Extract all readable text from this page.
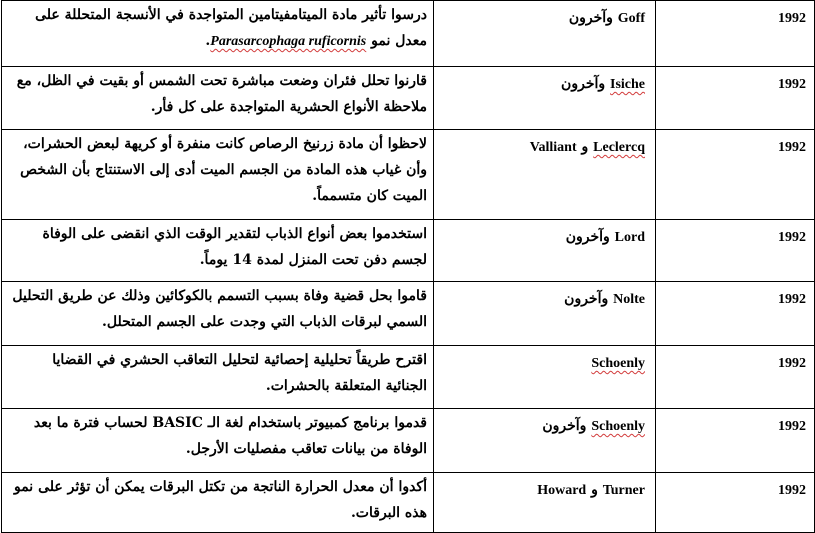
درسوا تأثير مادة الميتامفيتامين المتواجدة في الأنسجة المتحللة على معدل نمو Parasarcophaga ruficornis.	Goff وآخرون	1992
قارنوا تحلل فئران وضعت مباشرة تحت الشمس أو بقيت في الظل، مع ملاحظة الأنواع الحشرية المتواجدة على كل فأر.	Isiche وآخرون	1992
لاحظوا أن مادة زرنيخ الرصاص كانت منفرة أو كريهة لبعض الحشرات، وأن غياب هذه المادة من الجسم الميت أدى إلى الاستنتاج بأن الشخص الميت كان متسمماً.	Leclercq و Valliant	1992
استخدموا بعض أنواع الذباب لتقدير الوقت الذي انقضى على الوفاة لجسم دفن تحت المنزل لمدة 14 يوماً.	Lord وآخرون	1992
قاموا بحل قضية وفاة بسبب التسمم بالكوكائين وذلك عن طريق التحليل السمي لبرقات الذباب التي وجدت على الجسم المتحلل.	Nolte وآخرون	1992
اقترح طريقاً تحليلية إحصائية لتحليل التعاقب الحشري في القضايا الجنائية المتعلقة بالحشرات.	Schoenly	1992
قدموا برنامج كمبيوتر باستخدام لغة الـ BASIC لحساب فترة ما بعد الوفاة من بيانات تعاقب مفصليات الأرجل.	Schoenly وآخرون	1992
أكدوا أن معدل الحرارة الناتجة من تكتل البرقات يمكن أن تؤثر على نمو هذه البرقات.	Turner و Howard	1992
